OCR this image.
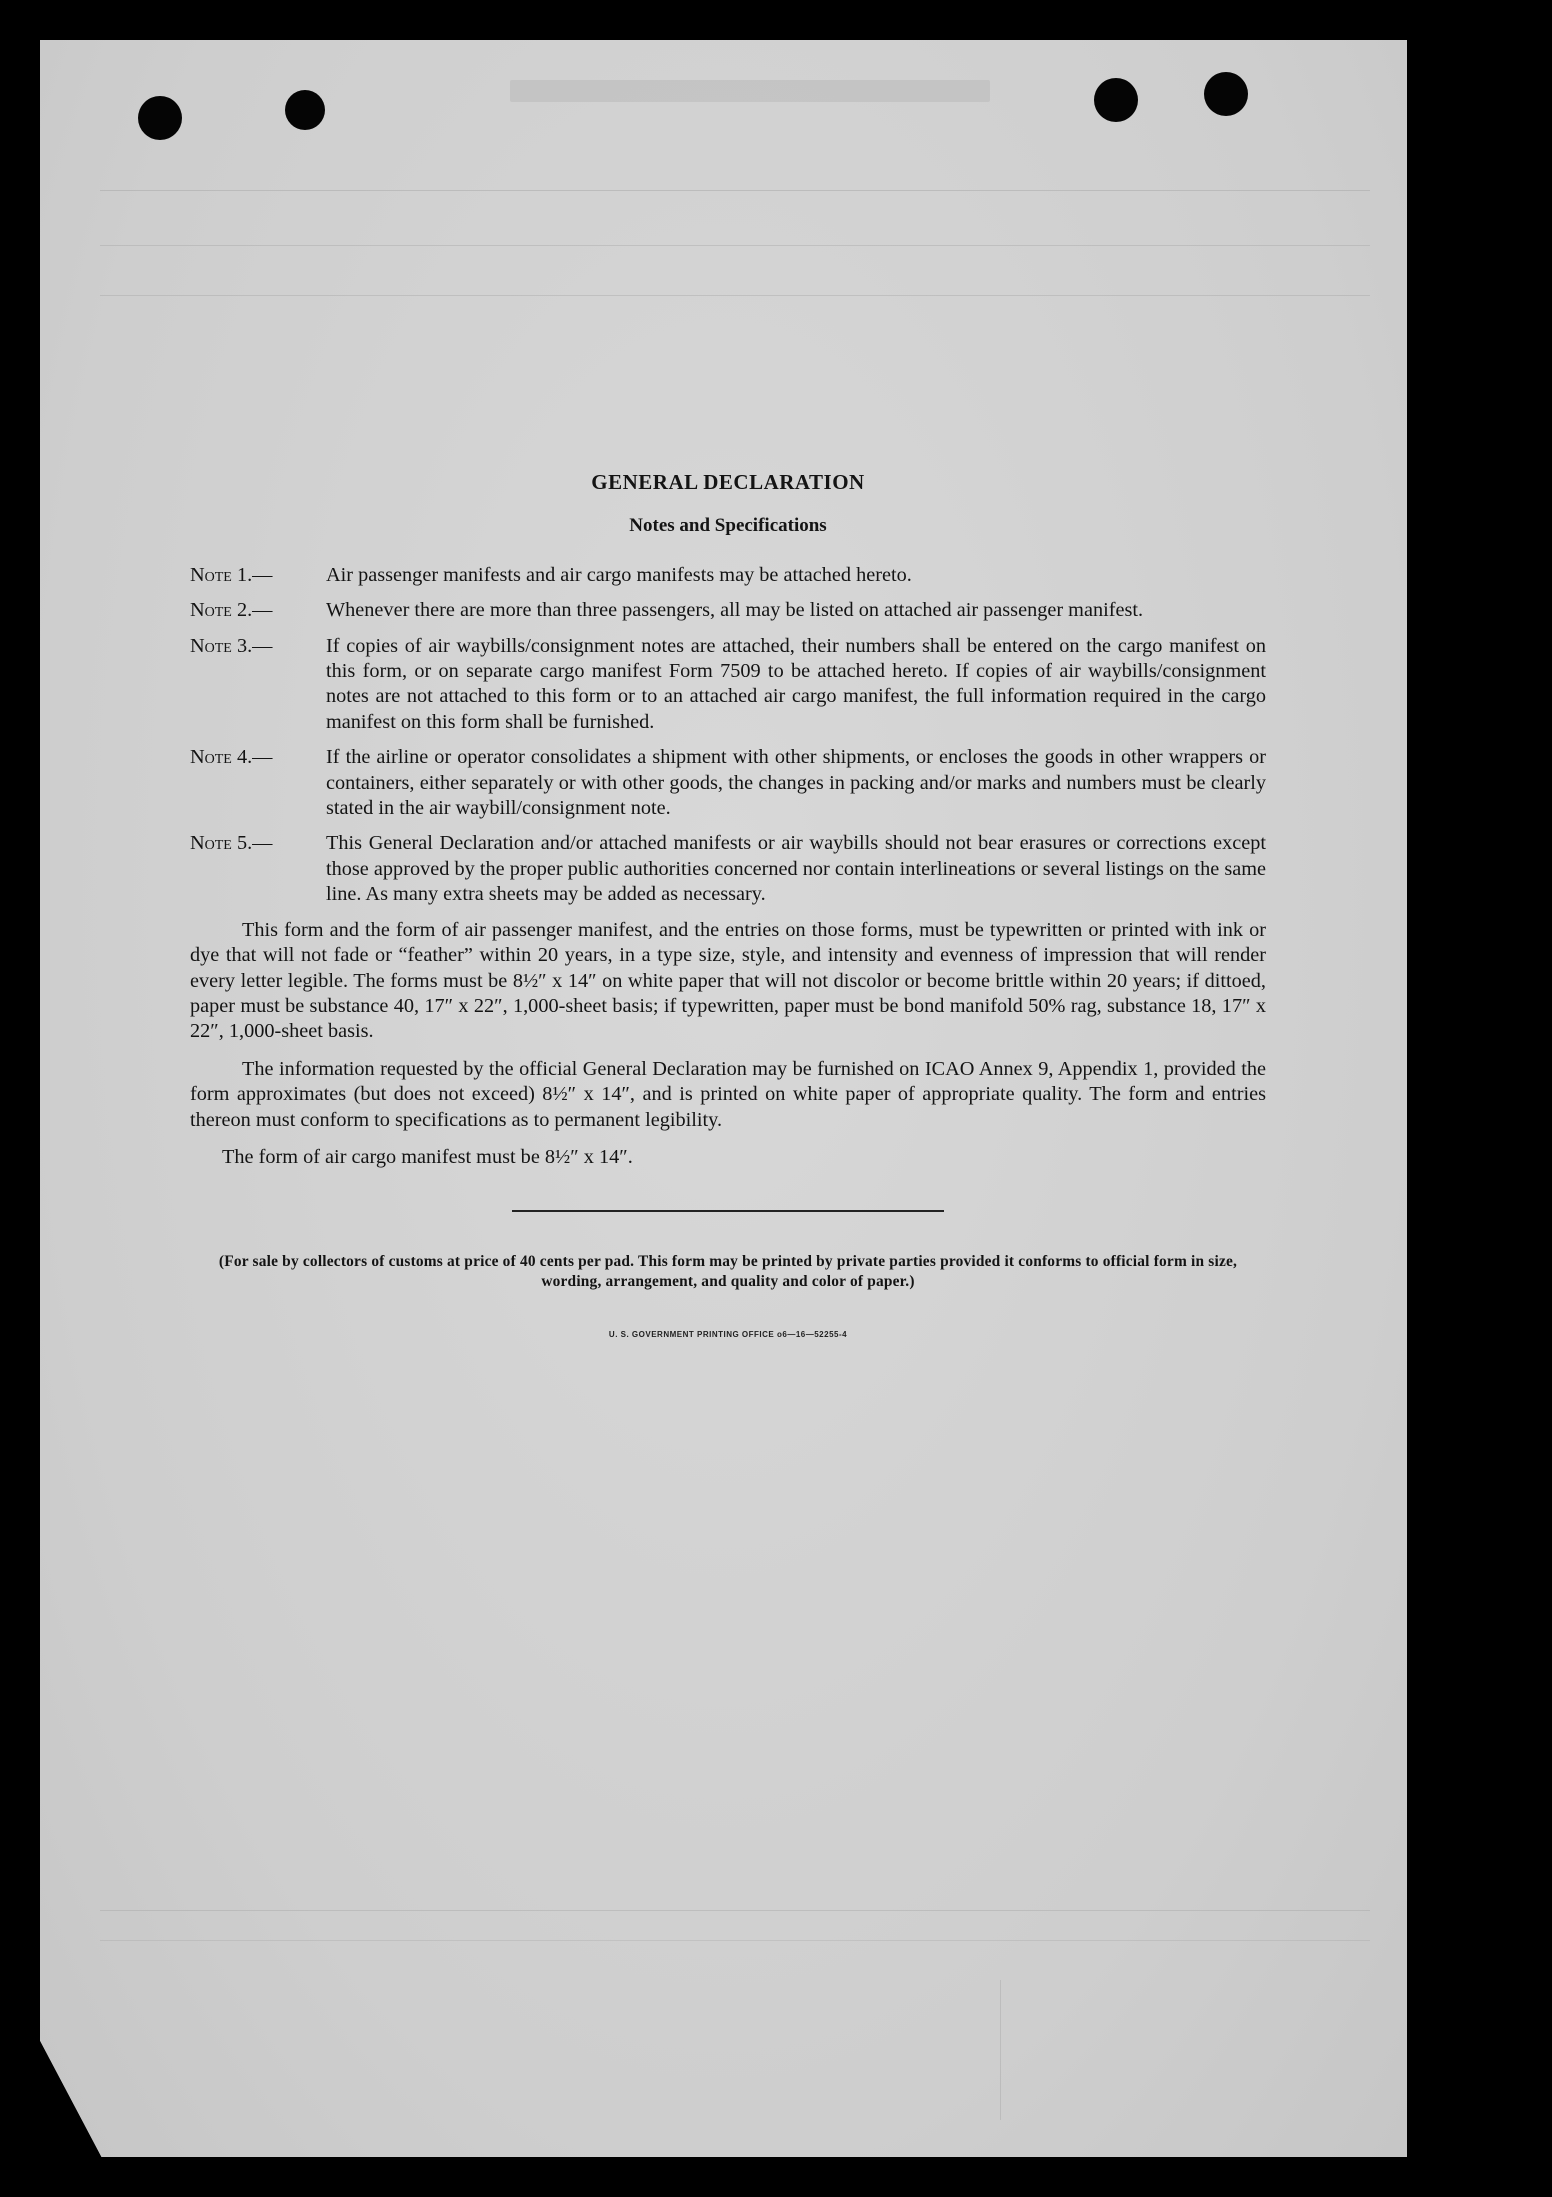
GENERAL DECLARATION
Notes and Specifications
Note 1.—	Air passenger manifests and air cargo manifests may be attached hereto.
Note 2.—	Whenever there are more than three passengers, all may be listed on attached air passenger manifest.
Note 3.—	If copies of air waybills/consignment notes are attached, their numbers shall be entered on the cargo manifest on this form, or on separate cargo manifest Form 7509 to be attached hereto. If copies of air waybills/consignment notes are not attached to this form or to an attached air cargo manifest, the full information required in the cargo manifest on this form shall be furnished.
Note 4.—	If the airline or operator consolidates a shipment with other shipments, or encloses the goods in other wrappers or containers, either separately or with other goods, the changes in packing and/or marks and numbers must be clearly stated in the air waybill/consignment note.
Note 5.—	This General Declaration and/or attached manifests or air waybills should not bear erasures or corrections except those approved by the proper public authorities concerned nor contain interlineations or several listings on the same line. As many extra sheets may be added as necessary.

This form and the form of air passenger manifest, and the entries on those forms, must be typewritten or printed with ink or dye that will not fade or “feather” within 20 years, in a type size, style, and intensity and evenness of impression that will render every letter legible. The forms must be 8½″ x 14″ on white paper that will not discolor or become brittle within 20 years; if dittoed, paper must be substance 40, 17″ x 22″, 1,000-sheet basis; if typewritten, paper must be bond manifold 50% rag, substance 18, 17″ x 22″, 1,000-sheet basis.

The information requested by the official General Declaration may be furnished on ICAO Annex 9, Appendix 1, provided the form approximates (but does not exceed) 8½″ x 14″, and is printed on white paper of appropriate quality. The form and entries thereon must conform to specifications as to permanent legibility.

The form of air cargo manifest must be 8½″ x 14″.

(For sale by collectors of customs at price of 40 cents per pad. This form may be printed by private parties provided it conforms to official form in size, wording, arrangement, and quality and color of paper.)
U. S. GOVERNMENT PRINTING OFFICE o6—16—52255-4
